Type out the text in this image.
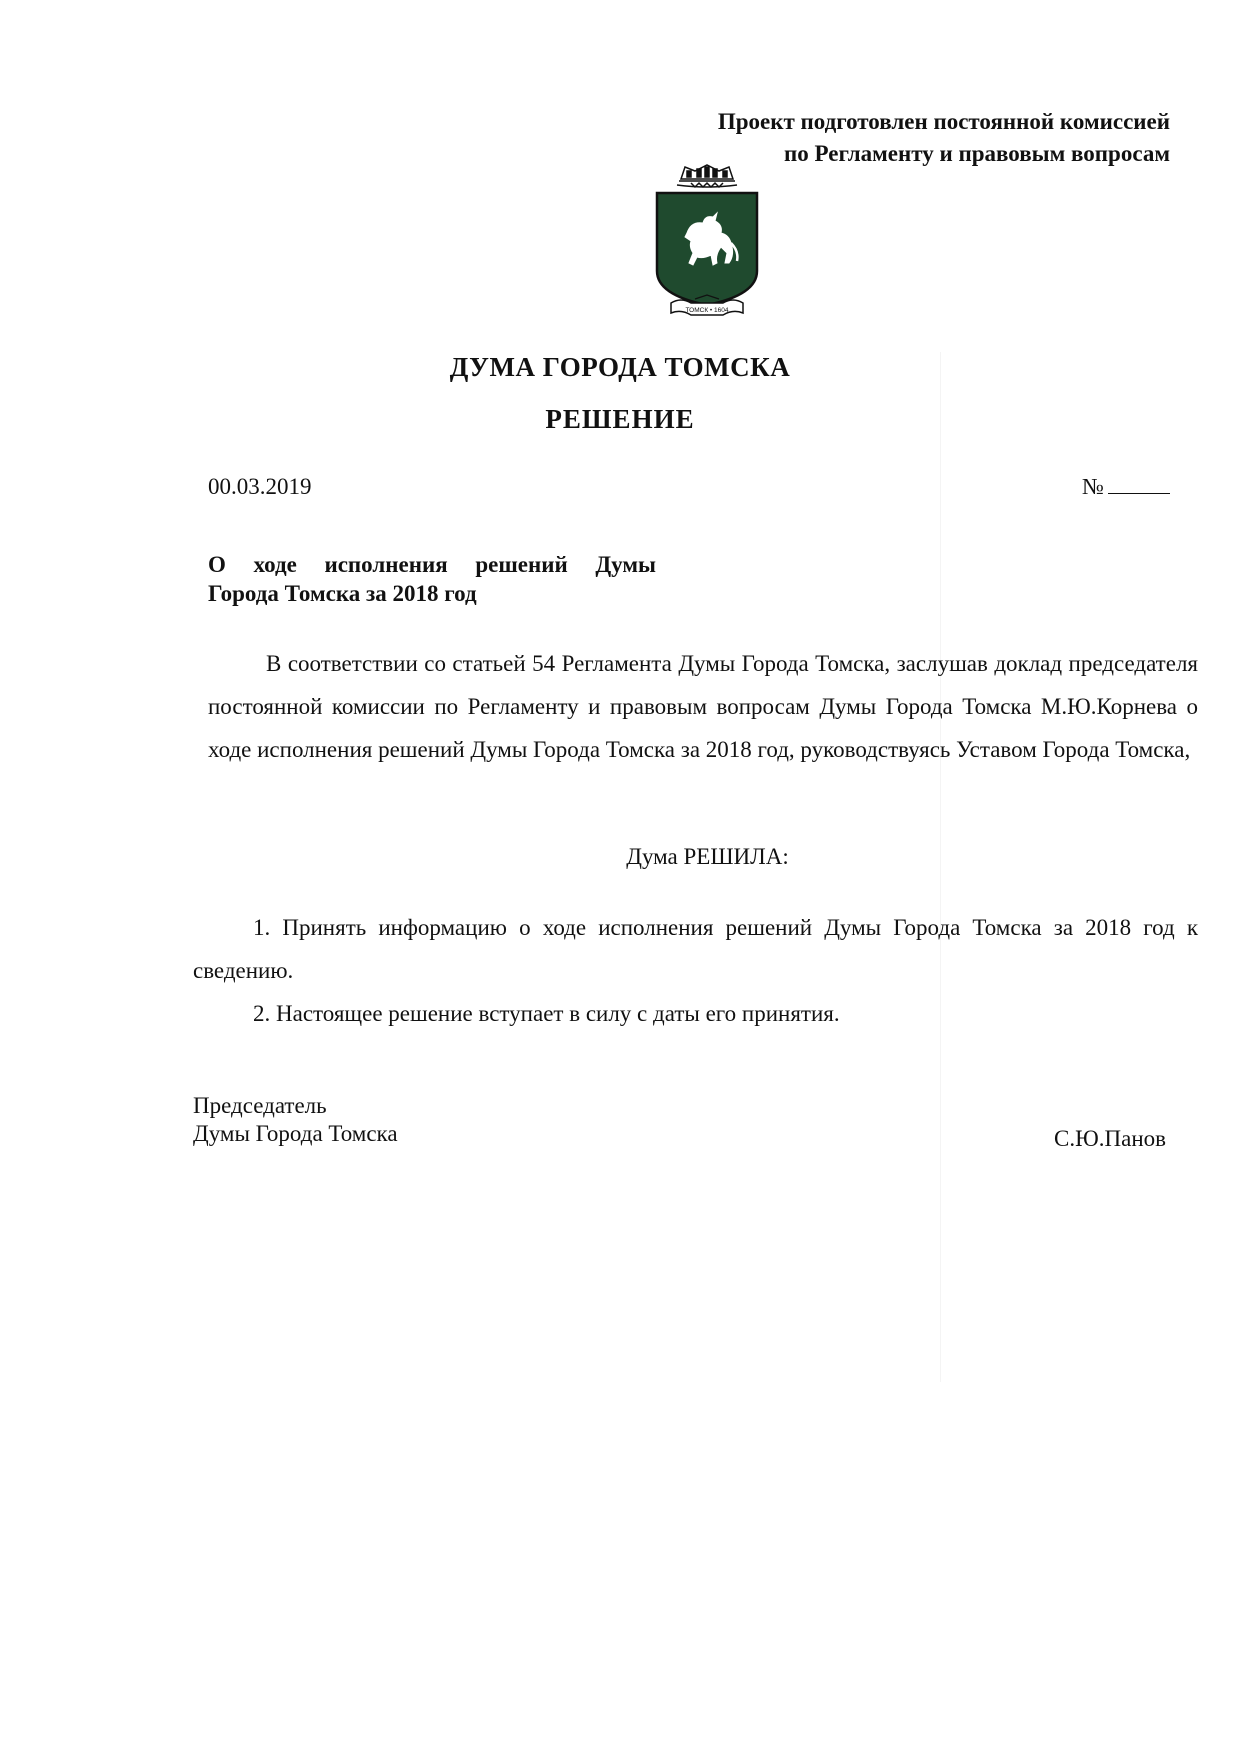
Проект подготовлен постоянной комиссией
по Регламенту и правовым вопросам
ТОМСК • 1604
ДУМА ГОРОДА ТОМСКА
РЕШЕНИЕ
00.03.2019	№
О ходе исполнения решений Думы
Города Томска за 2018 год
В соответствии со статьей 54 Регламента Думы Города Томска, заслушав доклад председателя постоянной комиссии по Регламенту и правовым вопросам Думы Города Томска М.Ю.Корнева о ходе исполнения решений Думы Города Томска за 2018 год, руководствуясь Уставом Города Томска,
Дума РЕШИЛА:

1. Принять информацию о ходе исполнения решений Думы Города Томска за 2018 год к сведению.

2. Настоящее решение вступает в силу с даты его принятия.

Председатель
Думы Города Томска	С.Ю.Панов
